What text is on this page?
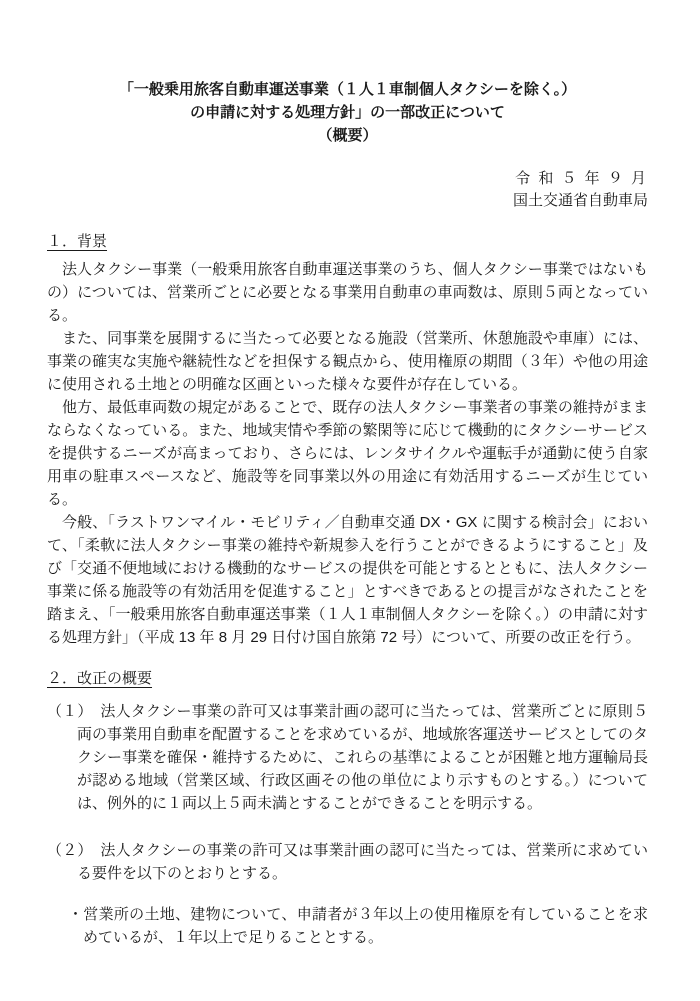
「一般乗用旅客自動車運送事業（１人１車制個人タクシーを除く。）
の申請に対する処理方針」の一部改正について
（概要）
令 和 ５ 年 ９ 月
国土交通省自動車局
１．背景

法人タクシー事業（一般乗用旅客自動車運送事業のうち、個人タクシー事業ではないもの）については、営業所ごとに必要となる事業用自動車の車両数は、原則５両となっている。

また、同事業を展開するに当たって必要となる施設（営業所、休憩施設や車庫）には、事業の確実な実施や継続性などを担保する観点から、使用権原の期間（３年）や他の用途に使用される土地との明確な区画といった様々な要件が存在している。

他方、最低車両数の規定があることで、既存の法人タクシー事業者の事業の維持がままならなくなっている。また、地域実情や季節の繁閑等に応じて機動的にタクシーサービスを提供するニーズが高まっており、さらには、レンタサイクルや運転手が通勤に使う自家用車の駐車スペースなど、施設等を同事業以外の用途に有効活用するニーズが生じている。

今般、「ラストワンマイル・モビリティ／自動車交通 DX・GX に関する検討会」において、「柔軟に法人タクシー事業の維持や新規参入を行うことができるようにすること」及び「交通不便地域における機動的なサービスの提供を可能とするとともに、法人タクシー事業に係る施設等の有効活用を促進すること」とすべきであるとの提言がなされたことを踏まえ、「一般乗用旅客自動車運送事業（１人１車制個人タクシーを除く。）の申請に対する処理方針」（平成 13 年 8 月 29 日付け国自旅第 72 号）について、所要の改正を行う。

２．改正の概要

（１）　法人タクシー事業の許可又は事業計画の認可に当たっては、営業所ごとに原則５両の事業用自動車を配置することを求めているが、地域旅客運送サービスとしてのタクシー事業を確保・維持するために、これらの基準によることが困難と地方運輸局長が認める地域（営業区域、行政区画その他の単位により示すものとする。）については、例外的に１両以上５両未満とすることができることを明示する。

（２）　法人タクシーの事業の許可又は事業計画の認可に当たっては、営業所に求めている要件を以下のとおりとする。

・営業所の土地、建物について、申請者が３年以上の使用権原を有していることを求めているが、１年以上で足りることとする。
